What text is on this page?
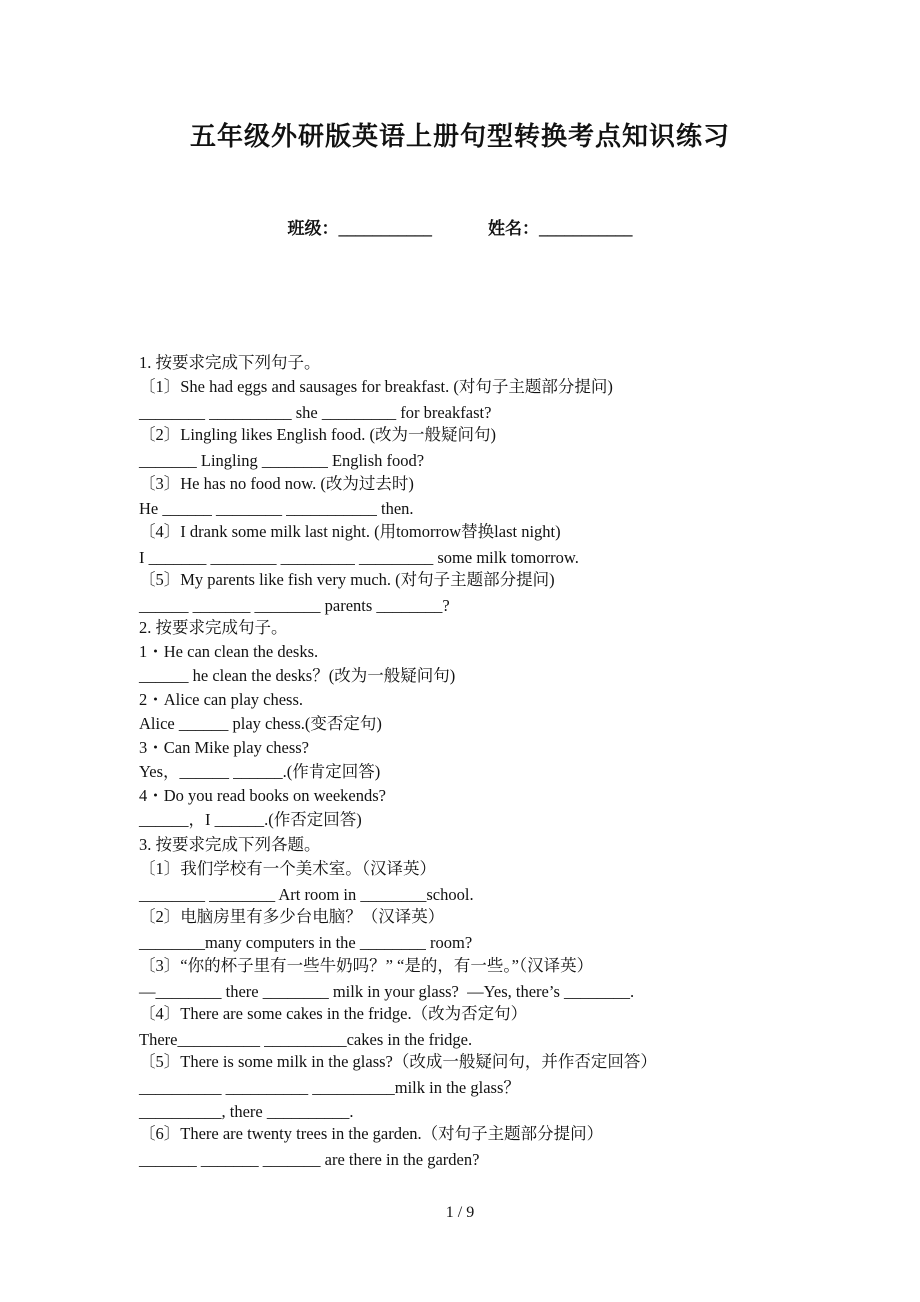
五年级外研版英语上册句型转换考点知识练习
班级：___________	姓名：___________
1. 按要求完成下列句子。
〔1〕She had eggs and sausages for breakfast. (对句子主题部分提问)
________ __________ she _________ for breakfast?
〔2〕Lingling likes English food. (改为一般疑问句)
_______ Lingling ________ English food?
〔3〕He has no food now. (改为过去时)
He ______ ________ ___________ then.
〔4〕I drank some milk last night. (用tomorrow替换last night)
I _______ ________ _________ _________ some milk tomorrow.
〔5〕My parents like fish very much. (对句子主题部分提问)
______ _______ ________ parents ________?
2. 按要求完成句子。
1・He can clean the desks.
______ he clean the desks？(改为一般疑问句)
2・Alice can play chess.
Alice ______ play chess.(变否定句)
3・Can Mike play chess?
Yes，______ ______.(作肯定回答)
4・Do you read books on weekends?
______，I ______.(作否定回答)
3. 按要求完成下列各题。
〔1〕我们学校有一个美术室。（汉译英）
________ ________ Art room in ________school.
〔2〕电脑房里有多少台电脑？（汉译英）
________many computers in the ________ room?
〔3〕“你的杯子里有一些牛奶吗？” “是的，有一些。”（汉译英）
—________ there ________ milk in your glass?  —Yes, there’s ________.
〔4〕There are some cakes in the fridge.（改为否定句）
There__________ __________cakes in the fridge.
〔5〕There is some milk in the glass?（改成一般疑问句，并作否定回答）
__________ __________ __________milk in the glass？
__________, there __________.
〔6〕There are twenty trees in the garden.（对句子主题部分提问）
_______ _______ _______ are there in the garden?
1 / 9
